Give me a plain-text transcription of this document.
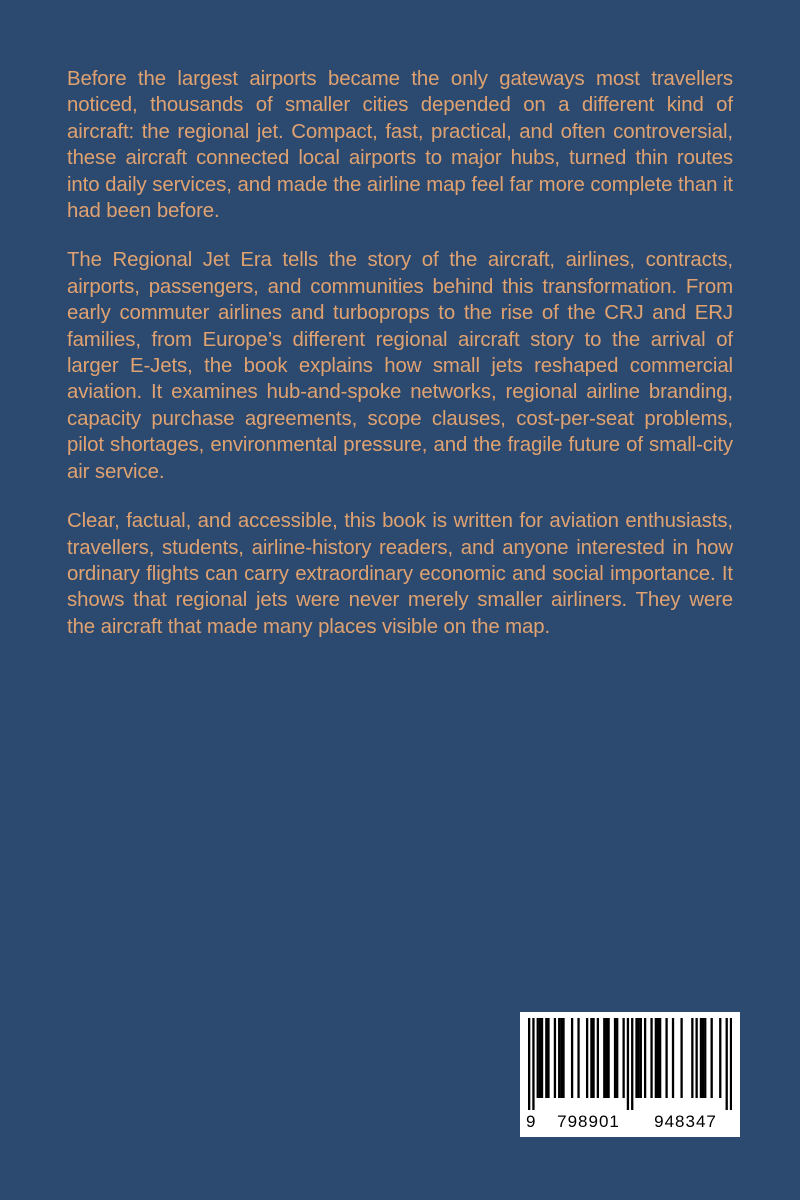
Before the largest airports became the only gateways most travellers noticed, thousands of smaller cities depended on a different kind of aircraft: the regional jet. Compact, fast, practical, and often controversial, these aircraft connected local airports to major hubs, turned thin routes into daily services, and made the airline map feel far more complete than it had been before.

The Regional Jet Era tells the story of the aircraft, airlines, contracts, airports, passengers, and communities behind this transformation. From early commuter airlines and turboprops to the rise of the CRJ and ERJ families, from Europe’s different regional aircraft story to the arrival of larger E-Jets, the book explains how small jets reshaped commercial aviation. It examines hub-and-spoke networks, regional airline branding, capacity purchase agreements, scope clauses, cost-per-seat problems, pilot shortages, environmental pressure, and the fragile future of small-city air service.

Clear, factual, and accessible, this book is written for aviation enthusiasts, travellers, students, airline-history readers, and anyone interested in how ordinary flights can carry extraordinary economic and social importance. It shows that regional jets were never merely smaller airliners. They were the aircraft that made many places visible on the map.

9	798901	948347
